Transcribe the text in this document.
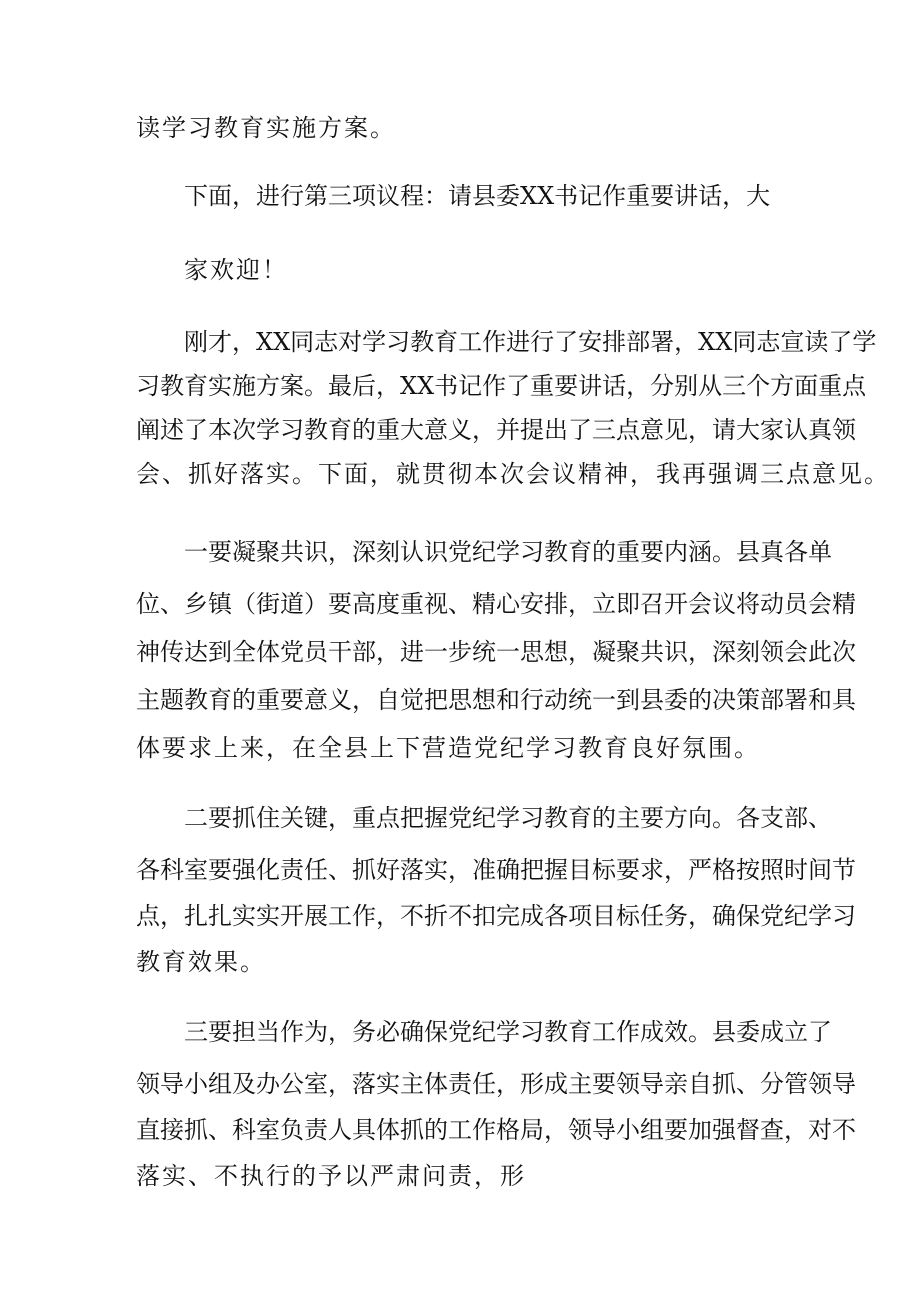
读学习教育实施方案。
下面，进行第三项议程：请县委XX书记作重要讲话，大
家欢迎！
刚才，XX同志对学习教育工作进行了安排部署，XX同志宣读了学
习教育实施方案。最后，XX书记作了重要讲话，分别从三个方面重点
阐述了本次学习教育的重大意义，并提出了三点意见，请大家认真领
会、抓好落实。下面，就贯彻本次会议精神，我再强调三点意见。
一要凝聚共识，深刻认识党纪学习教育的重要内涵。县真各单
位、乡镇（街道）要高度重视、精心安排，立即召开会议将动员会精
神传达到全体党员干部，进一步统一思想，凝聚共识，深刻领会此次
主题教育的重要意义，自觉把思想和行动统一到县委的决策部署和具
体要求上来，在全县上下营造党纪学习教育良好氛围。
二要抓住关键，重点把握党纪学习教育的主要方向。各支部、
各科室要强化责任、抓好落实，准确把握目标要求，严格按照时间节
点，扎扎实实开展工作，不折不扣完成各项目标任务，确保党纪学习
教育效果。
三要担当作为，务必确保党纪学习教育工作成效。县委成立了
领导小组及办公室，落实主体责任，形成主要领导亲自抓、分管领导
直接抓、科室负责人具体抓的工作格局，领导小组要加强督查，对不
落实、不执行的予以严肃问责，形
